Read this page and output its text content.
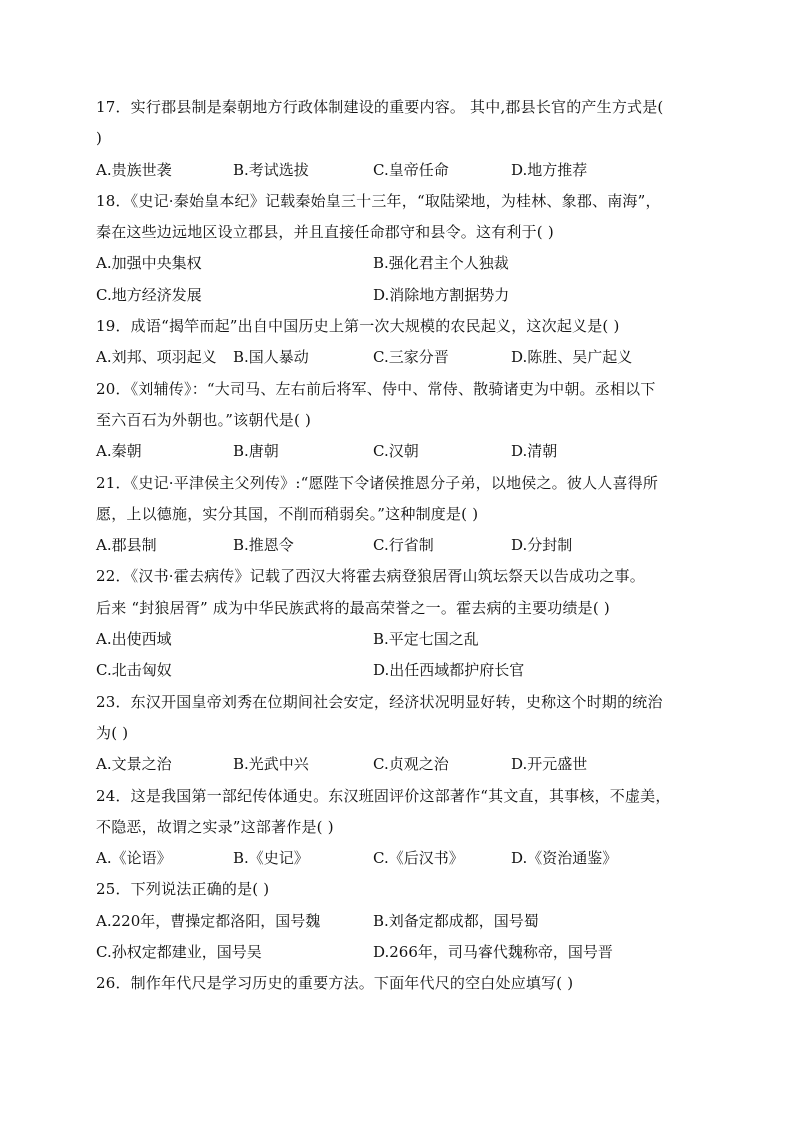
17．实行郡县制是秦朝地方行政体制建设的重要内容。 其中,郡县长官的产生方式是(
)
A.贵族世袭	B.考试选拔	C.皇帝任命	D.地方推荐
18．《史记·秦始皇本纪》记载秦始皇三十三年，“取陆梁地，为桂林、象郡、南海”，
秦在这些边远地区设立郡县，并且直接任命郡守和县令。这有利于( )
A.加强中央集权	B.强化君主个人独裁
C.地方经济发展	D.消除地方割据势力
19．成语“揭竿而起”出自中国历史上第一次大规模的农民起义，这次起义是( )
A.刘邦、项羽起义 B.国人暴动	C.三家分晋	D.陈胜、吴广起义
20．《刘辅传》：“大司马、左右前后将军、侍中、常侍、散骑诸吏为中朝。丞相以下
至六百石为外朝也。”该朝代是( )
A.秦朝	B.唐朝	C.汉朝	D.清朝
21．《史记·平津侯主父列传》:“愿陛下令诸侯推恩分子弟，以地侯之。彼人人喜得所
愿，上以德施，实分其国，不削而稍弱矣。”这种制度是( )
A.郡县制	B.推恩令	C.行省制	D.分封制
22．《汉书·霍去病传》记载了西汉大将霍去病登狼居胥山筑坛祭天以告成功之事。
后来 “封狼居胥” 成为中华民族武将的最高荣誉之一。霍去病的主要功绩是( )
A.出使西域	B.平定七国之乱
C.北击匈奴	D.出任西域都护府长官
23．东汉开国皇帝刘秀在位期间社会安定，经济状况明显好转，史称这个时期的统治
为( )
A.文景之治	B.光武中兴	C.贞观之治	D.开元盛世
24．这是我国第一部纪传体通史。东汉班固评价这部著作“其文直，其事核，不虚美，
不隐恶，故谓之实录”这部著作是( )
A.《论语》	B.《史记》	C.《后汉书》	D.《资治通鉴》
25．下列说法正确的是( )
A.220年，曹操定都洛阳，国号魏	B.刘备定都成都，国号蜀
C.孙权定都建业，国号吴	D.266年，司马睿代魏称帝，国号晋
26．制作年代尺是学习历史的重要方法。下面年代尺的空白处应填写( )
